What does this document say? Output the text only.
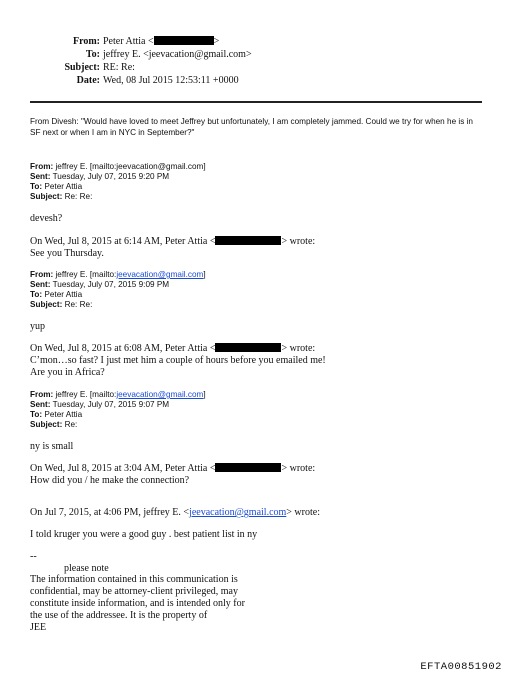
From: Peter Attia <	>
To: jeffrey E. <jeevacation@gmail.com>
Subject: RE: Re:
Date: Wed, 08 Jul 2015 12:53:11 +0000
From Divesh: "Would have loved to meet Jeffrey but unfortunately, I am completely jammed. Could we try for when he is in
SF next or when I am in NYC in September?"
From: jeffrey E. [mailto:jeevacation@gmail.com]
Sent: Tuesday, July 07, 2015 9:20 PM
To: Peter Attia
Subject: Re: Re:
devesh?
On Wed, Jul 8, 2015 at 6:14 AM, Peter Attia <	> wrote:
See you Thursday.
From: jeffrey E. [mailto:jeevacation@gmail.com]
Sent: Tuesday, July 07, 2015 9:09 PM
To: Peter Attia
Subject: Re: Re:
yup
On Wed, Jul 8, 2015 at 6:08 AM, Peter Attia <	> wrote:
C’mon…so fast? I just met him a couple of hours before you emailed me!
Are you in Africa?
From: jeffrey E. [mailto:jeevacation@gmail.com]
Sent: Tuesday, July 07, 2015 9:07 PM
To: Peter Attia
Subject: Re:
ny is small
On Wed, Jul 8, 2015 at 3:04 AM, Peter Attia <	> wrote:
How did you / he make the connection?
On Jul 7, 2015, at 4:06 PM, jeffrey E. <jeevacation@gmail.com> wrote:
I told kruger you were a good guy . best patient list in ny
--
please note
The information contained in this communication is
confidential, may be attorney-client privileged, may
constitute inside information, and is intended only for
the use of the addressee. It is the property of
JEE
EFTA00851902
